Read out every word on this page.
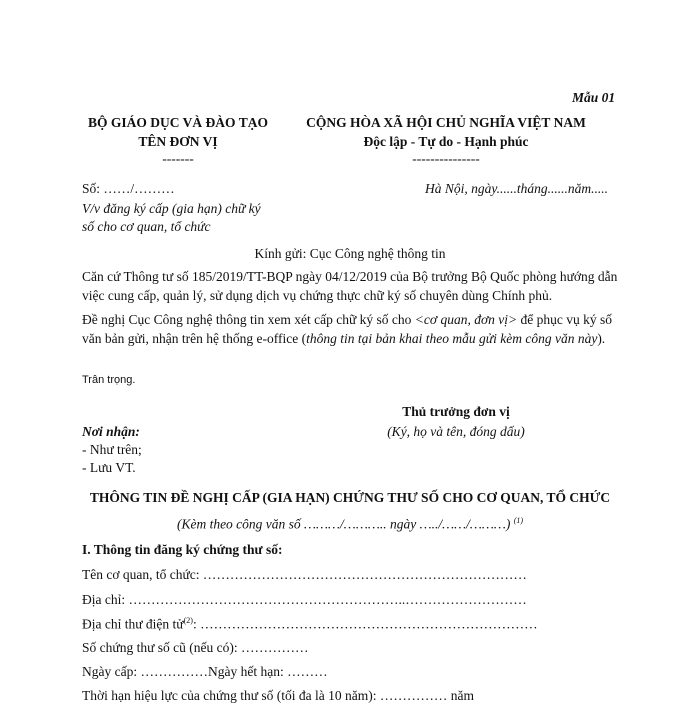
Mẫu 01
BỘ GIÁO DỤC VÀ ĐÀO TẠO
TÊN ĐƠN VỊ
-------
CỘNG HÒA XÃ HỘI CHỦ NGHĨA VIỆT NAM
Độc lập - Tự do - Hạnh phúc
---------------
Số: ……/………	Hà Nội, ngày......tháng......năm.....
V/v đăng ký cấp (gia hạn) chữ ký
số cho cơ quan, tổ chức
Kính gửi: Cục Công nghệ thông tin
Căn cứ Thông tư số 185/2019/TT-BQP ngày 04/12/2019 của Bộ trưởng Bộ Quốc phòng hướng dẫn việc cung cấp, quản lý, sử dụng dịch vụ chứng thực chữ ký số chuyên dùng Chính phủ.
Đề nghị Cục Công nghệ thông tin xem xét cấp chữ ký số cho <cơ quan, đơn vị> để phục vụ ký số văn bản gửi, nhận trên hệ thống e-office (thông tin tại bản khai theo mẫu gửi kèm công văn này).
Trân trọng.
Thủ trưởng đơn vị
(Ký, họ và tên, đóng dấu)
Nơi nhận:
- Như trên;
- Lưu VT.
THÔNG TIN ĐỀ NGHỊ CẤP (GIA HẠN) CHỨNG THƯ SỐ CHO CƠ QUAN, TỔ CHỨC
(Kèm theo công văn số ………/……….. ngày …../……/………) $^{(1)}$
I. Thông tin đăng ký chứng thư số:
Tên cơ quan, tổ chức: ………………………………………………………………
Địa chỉ: ……………………………………………………..………………………
Địa chỉ thư điện tử$^{(2)}$: …………………………………………………………………
Số chứng thư số cũ (nếu có): ……………
Ngày cấp: ……………Ngày hết hạn: ………
Thời hạn hiệu lực của chứng thư số (tối đa là 10 năm): …………… năm
